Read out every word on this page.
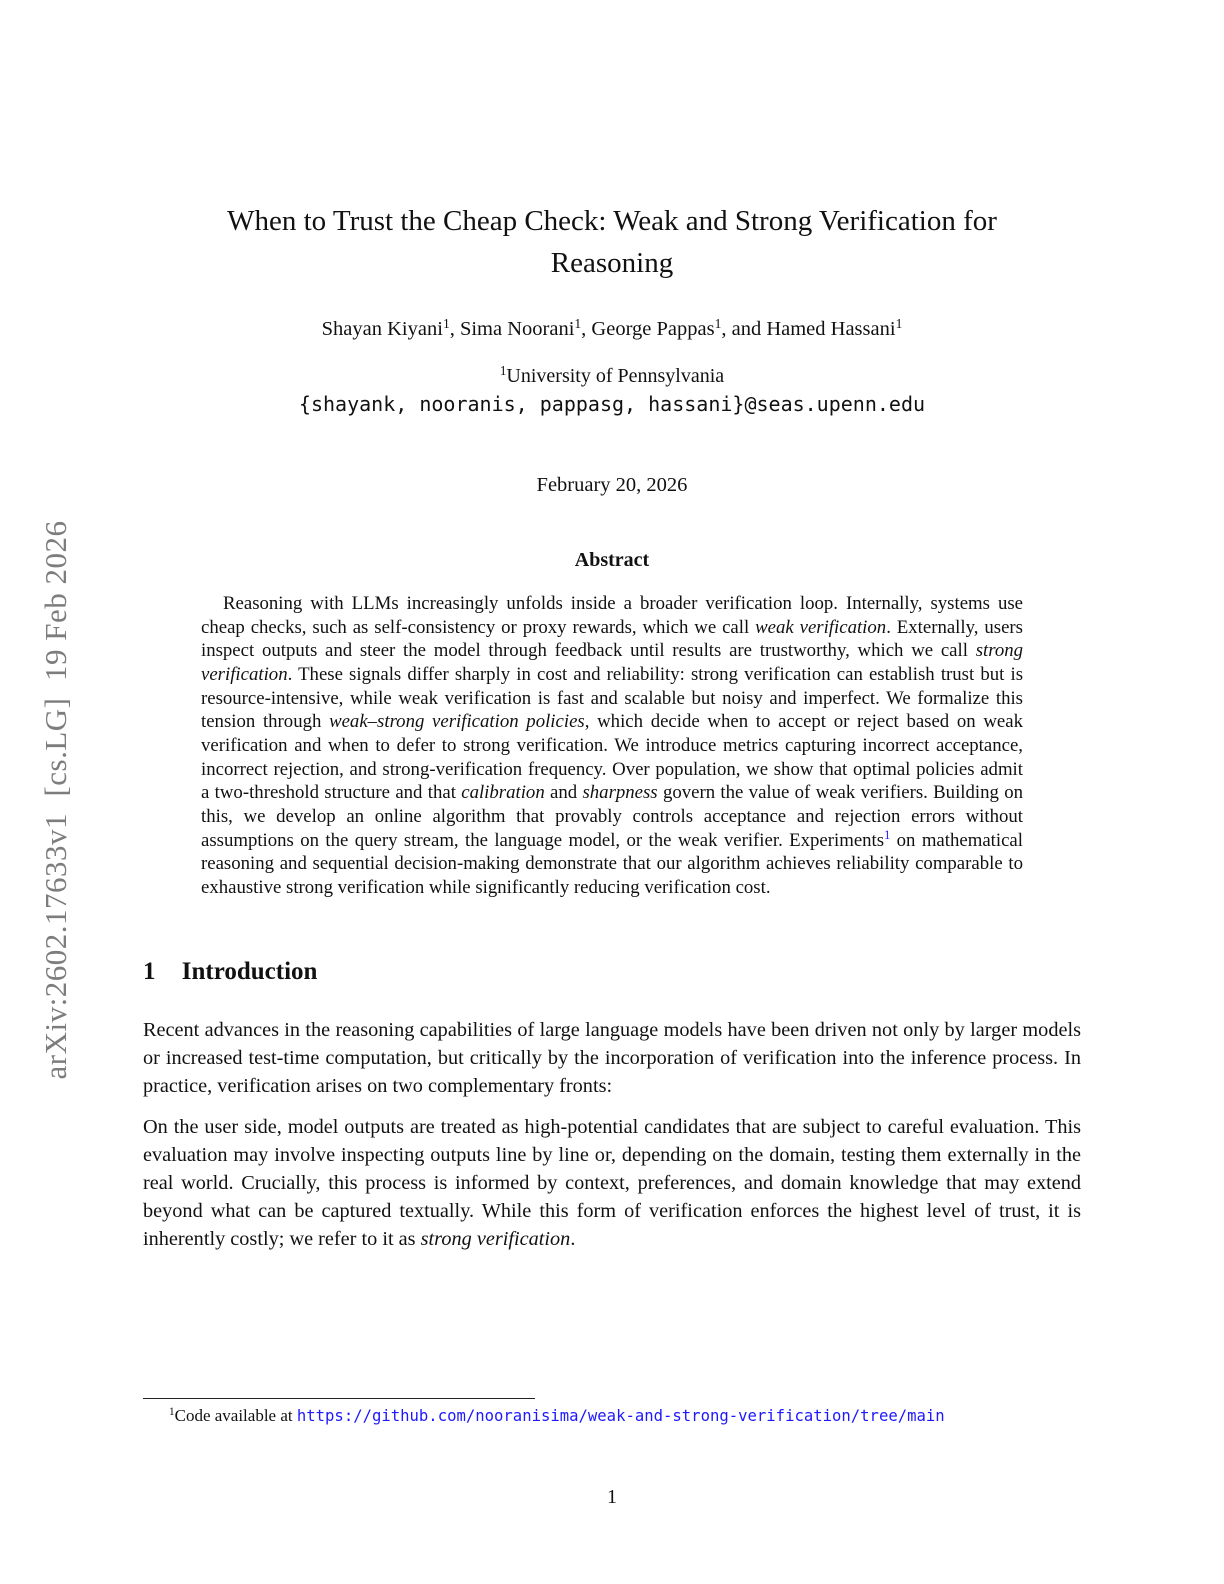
arXiv:2602.17633v1  [cs.LG]  19 Feb 2026
When to Trust the Cheap Check: Weak and Strong Verification for
Reasoning
Shayan Kiyani$^1$, Sima Noorani$^1$, George Pappas$^1$, and Hamed Hassani$^1$
$^1$University of Pennsylvania
{shayank, nooranis, pappasg, hassani}@seas.upenn.edu
February 20, 2026
Abstract

Reasoning with LLMs increasingly unfolds inside a broader verification loop. Internally, systems use cheap checks, such as self-consistency or proxy rewards, which we call weak verification. Externally, users inspect outputs and steer the model through feedback until results are trustworthy, which we call strong verification. These signals differ sharply in cost and reliability: strong verification can establish trust but is resource-intensive, while weak verification is fast and scalable but noisy and imperfect. We formalize this tension through weak–strong verification policies, which decide when to accept or reject based on weak verification and when to defer to strong verification. We introduce metrics capturing incorrect acceptance, incorrect rejection, and strong-verification frequency. Over population, we show that optimal policies admit a two-threshold structure and that calibration and sharpness govern the value of weak verifiers. Building on this, we develop an online algorithm that provably controls acceptance and rejection errors without assumptions on the query stream, the language model, or the weak verifier. Experiments$^1$ on mathematical reasoning and sequential decision-making demonstrate that our algorithm achieves reliability comparable to exhaustive strong verification while significantly reducing verification cost.

1 Introduction

Recent advances in the reasoning capabilities of large language models have been driven not only by larger models or increased test-time computation, but critically by the incorporation of verification into the inference process. In practice, verification arises on two complementary fronts:

On the user side, model outputs are treated as high-potential candidates that are subject to careful evaluation. This evaluation may involve inspecting outputs line by line or, depending on the domain, testing them externally in the real world. Crucially, this process is informed by context, preferences, and domain knowledge that may extend beyond what can be captured textually. While this form of verification enforces the highest level of trust, it is inherently costly; we refer to it as strong verification.

$^1$Code available at https://github.com/nooranisima/weak-and-strong-verification/tree/main
1
